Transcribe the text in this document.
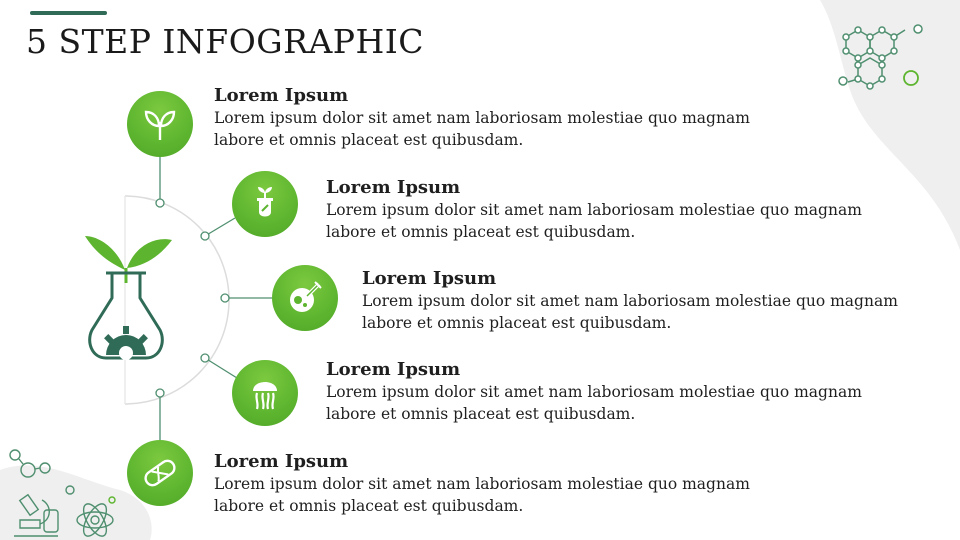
5 STEP INFOGRAPHIC
Lorem Ipsum
Lorem ipsum dolor sit amet nam laboriosam molestiae quo magnam labore et omnis placeat est quibusdam.
Lorem Ipsum
Lorem ipsum dolor sit amet nam laboriosam molestiae quo magnam labore et omnis placeat est quibusdam.
Lorem Ipsum
Lorem ipsum dolor sit amet nam laboriosam molestiae quo magnam labore et omnis placeat est quibusdam.
Lorem Ipsum
Lorem ipsum dolor sit amet nam laboriosam molestiae quo magnam labore et omnis placeat est quibusdam.
Lorem Ipsum
Lorem ipsum dolor sit amet nam laboriosam molestiae quo magnam labore et omnis placeat est quibusdam.
